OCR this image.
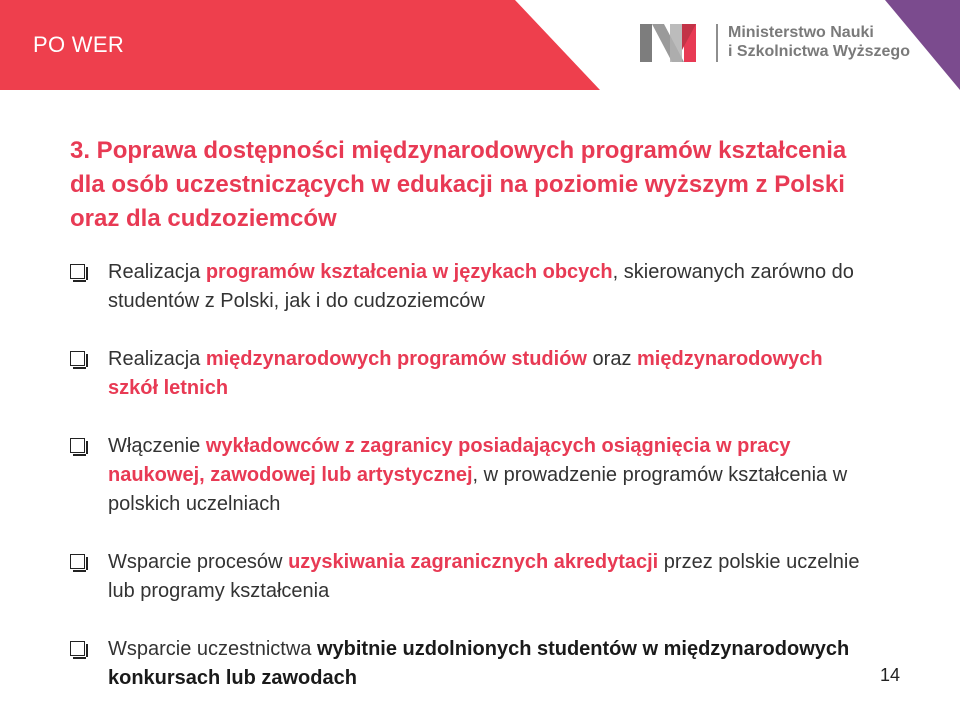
PO WER	Ministerstwo Nauki
i Szkolnictwa Wyższego
3. Poprawa dostępności międzynarodowych programów kształcenia dla osób uczestniczących w edukacji na poziomie wyższym z Polski oraz dla cudzoziemców
Realizacja programów kształcenia w językach obcych, skierowanych zarówno do studentów z Polski, jak i do cudzoziemców
Realizacja międzynarodowych programów studiów oraz międzynarodowych szkół letnich
Włączenie wykładowców z zagranicy posiadających osiągnięcia w pracy naukowej, zawodowej lub artystycznej, w prowadzenie programów kształcenia w polskich uczelniach
Wsparcie procesów uzyskiwania zagranicznych akredytacji przez polskie uczelnie lub programy kształcenia
Wsparcie uczestnictwa wybitnie uzdolnionych studentów w międzynarodowych konkursach lub zawodach	14
